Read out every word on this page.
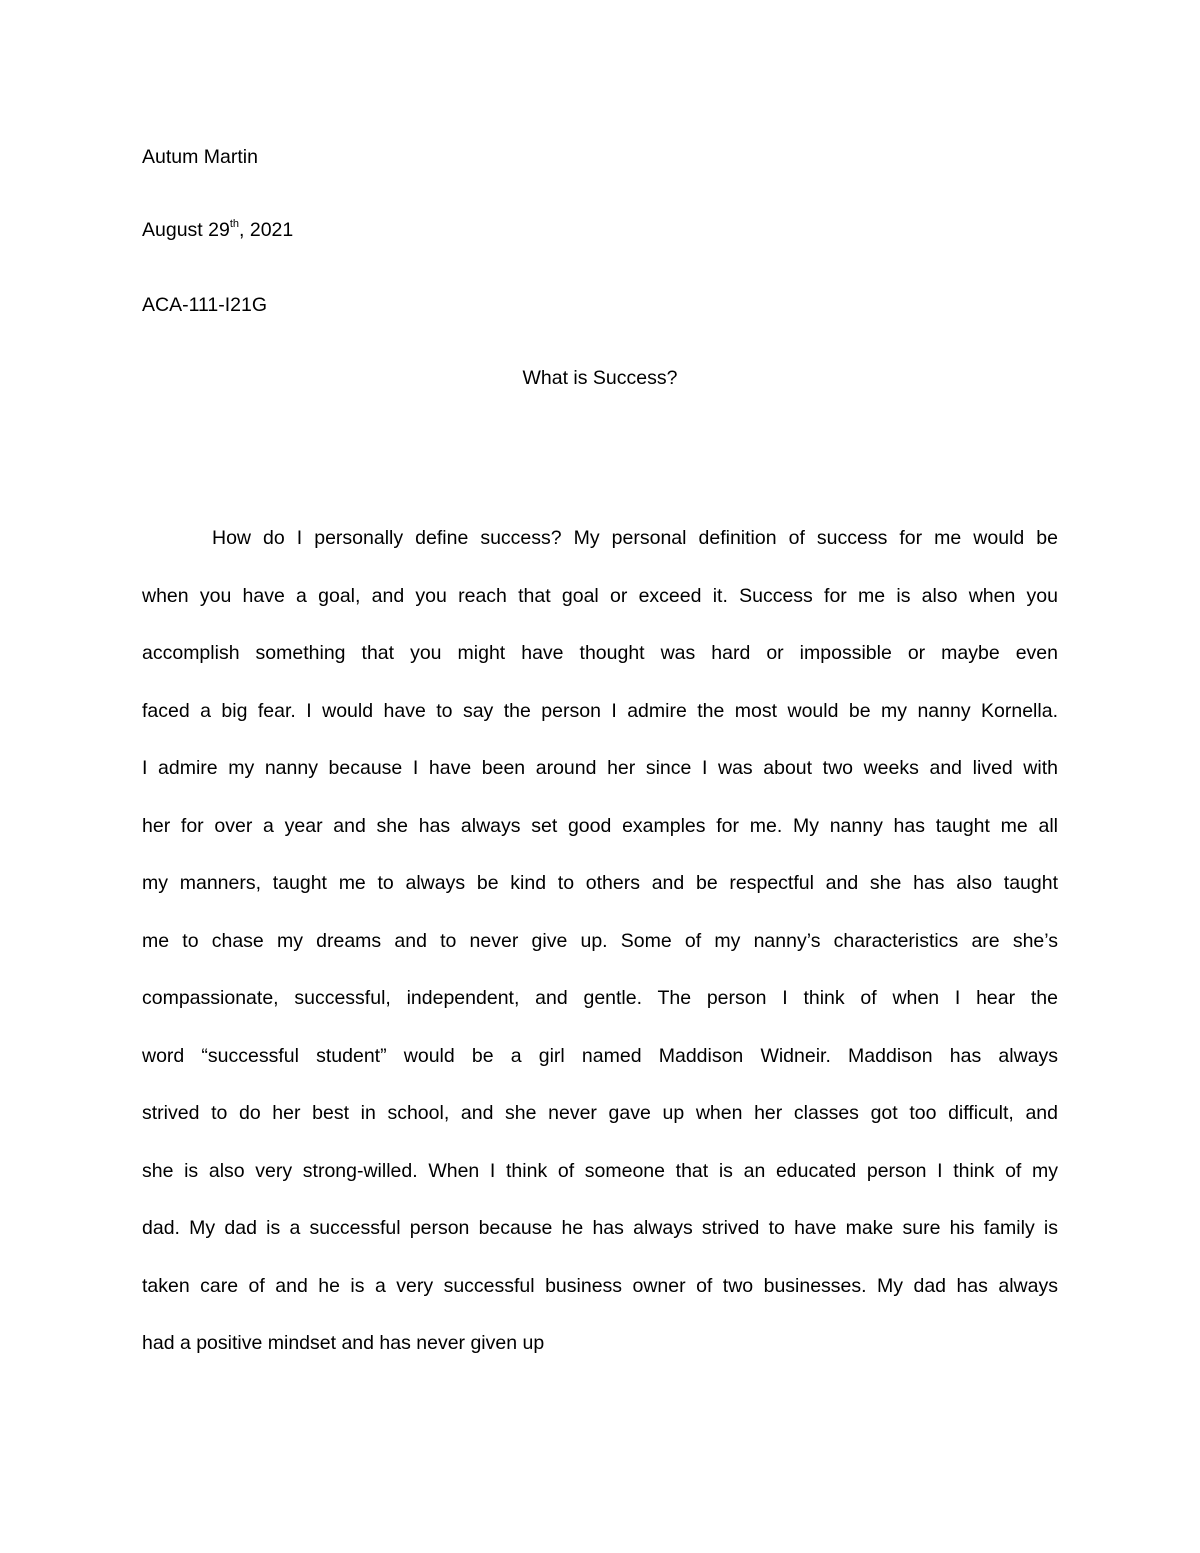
Autum Martin
August 29th, 2021
ACA-111-I21G
What is Success?
How do I personally define success? My personal definition of success for me would be
when you have a goal, and you reach that goal or exceed it. Success for me is also when you
accomplish something that you might have thought was hard or impossible or maybe even
faced a big fear. I would have to say the person I admire the most would be my nanny Kornella.
I admire my nanny because I have been around her since I was about two weeks and lived with
her for over a year and she has always set good examples for me. My nanny has taught me all
my manners, taught me to always be kind to others and be respectful and she has also taught
me to chase my dreams and to never give up. Some of my nanny’s characteristics are she’s
compassionate, successful, independent, and gentle. The person I think of when I hear the
word “successful student” would be a girl named Maddison Widneir. Maddison has always
strived to do her best in school, and she never gave up when her classes got too difficult, and
she is also very strong-willed. When I think of someone that is an educated person I think of my
dad. My dad is a successful person because he has always strived to have make sure his family is
taken care of and he is a very successful business owner of two businesses. My dad has always
had a positive mindset and has never given up
